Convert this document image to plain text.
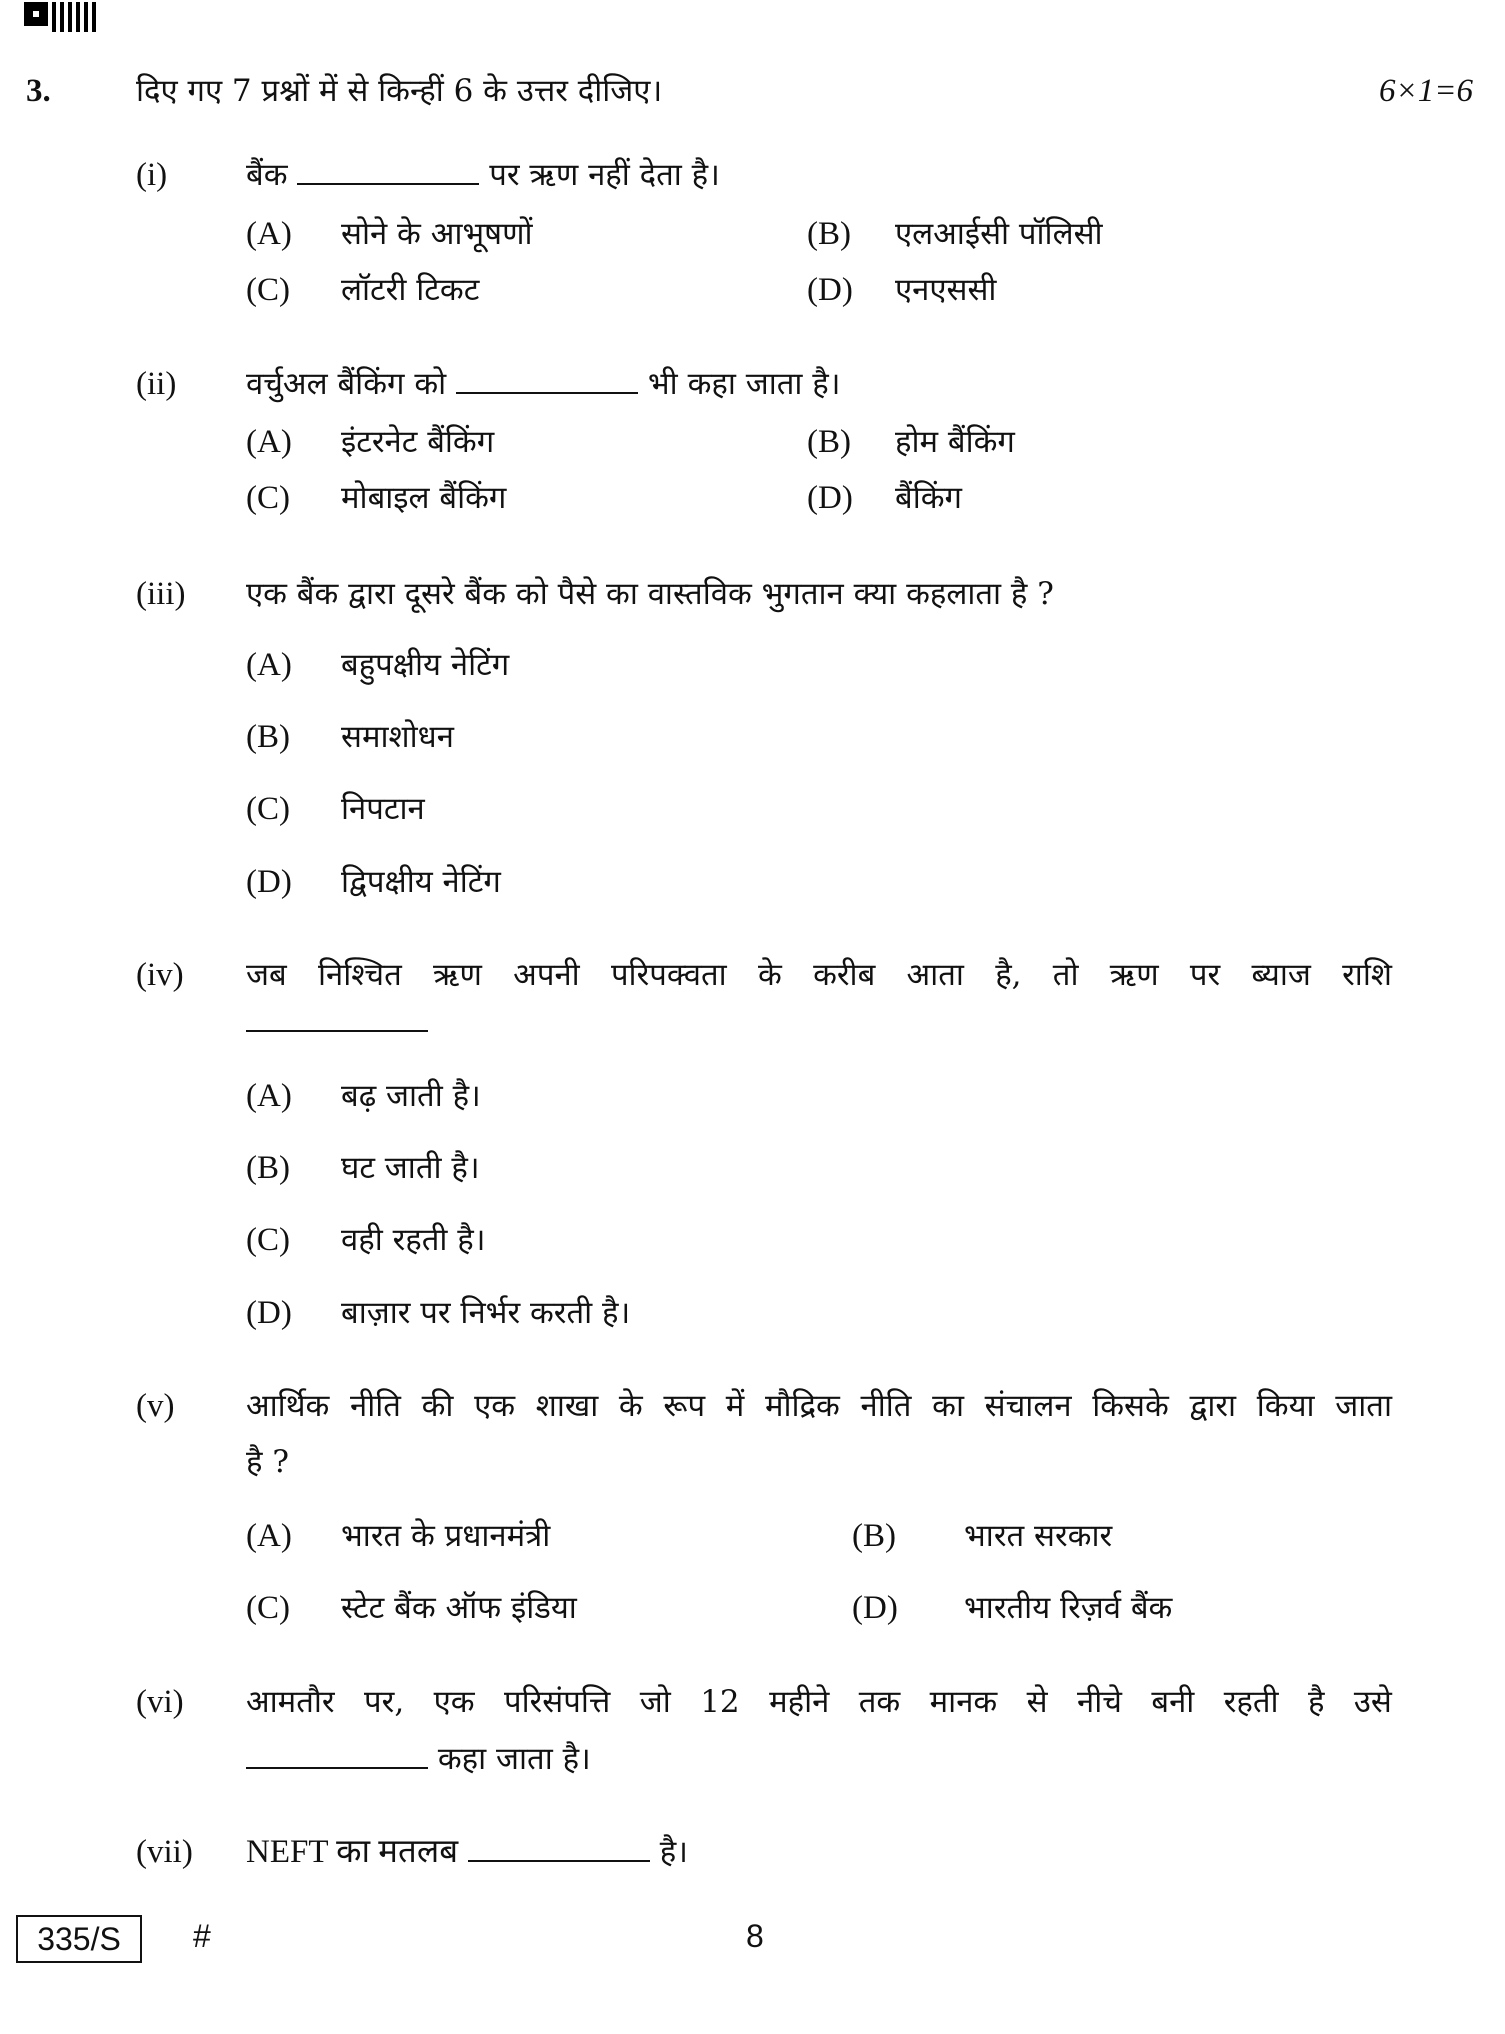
3.	दिए गए 7 प्रश्नों में से किन्हीं 6 के उत्तर दीजिए।	6×1=6
(i)	बैंक	पर ऋण नहीं देता है।
(A) सोने के आभूषणों	(B) एलआईसी पॉलिसी
(C) लॉटरी टिकट	(D) एनएससी
(ii) वर्चुअल बैंकिंग को	भी कहा जाता है।
(A) इंटरनेट बैंकिंग	(B) होम बैंकिंग
(C) मोबाइल बैंकिंग	(D) बैंकिंग
(iii) एक बैंक द्वारा दूसरे बैंक को पैसे का वास्तविक भुगतान क्या कहलाता है ?
(A) बहुपक्षीय नेटिंग
(B) समाशोधन
(C) निपटान
(D) द्विपक्षीय नेटिंग
(iv) जब निश्चित ऋण अपनी परिपक्वता के करीब आता है, तो ऋण पर ब्याज राशि
(A) बढ़ जाती है।
(B) घट जाती है।
(C) वही रहती है।
(D) बाज़ार पर निर्भर करती है।
(v) आर्थिक नीति की एक शाखा के रूप में मौद्रिक नीति का संचालन किसके द्वारा किया जाता
है ?
(A) भारत के प्रधानमंत्री	(B) भारत सरकार
(C) स्टेट बैंक ऑफ इंडिया	(D) भारतीय रिज़र्व बैंक
(vi) आमतौर पर, एक परिसंपत्ति जो 12 महीने तक मानक से नीचे बनी रहती है उसे
कहा जाता है।
(vii) NEFT का मतलब	है।
335/S	#	8
